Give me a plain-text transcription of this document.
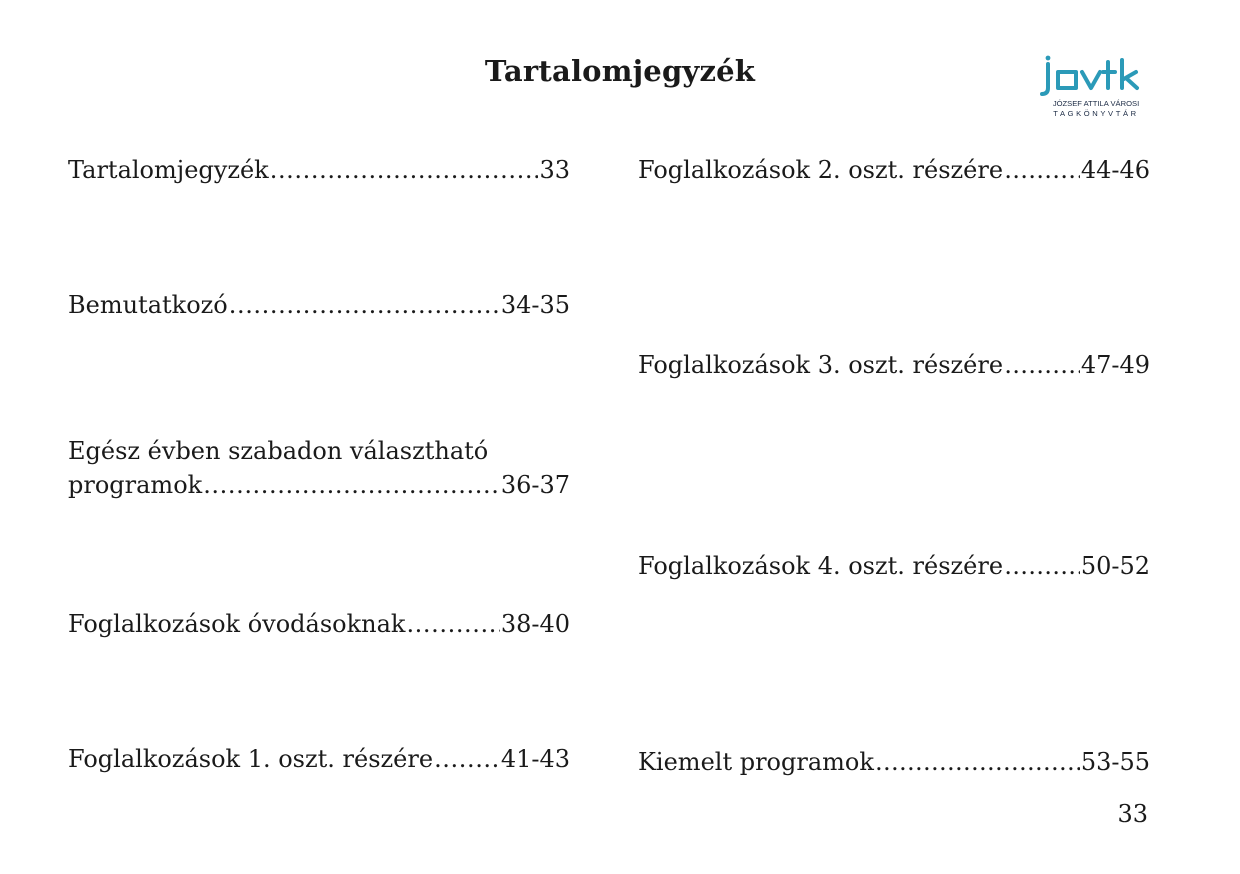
Tartalomjegyzék
JÓZSEF ATTILA VÁROSI
TAGKÖNYVTÁR
Tartalomjegyzék .....	33
Bemutatkozó .....	34-35
Egész évben szabadon választható
programok .....	36-37
Foglalkozások óvodásoknak .....	38-40
Foglalkozások 1. oszt. részére .....	41-43
Foglalkozások 2. oszt. részére ……………………………………………………………………………………………………………………………………………………	44-46
Foglalkozások 3. oszt. részére ……………………………………………………………………………………………………………………………………………………	47-49
Foglalkozások 4. oszt. részére ……………………………………………………………………………………………………………………………………………………	50-52
Kiemelt programok ……………………………………………………………………………………………………………………………………………………	53-55
33
